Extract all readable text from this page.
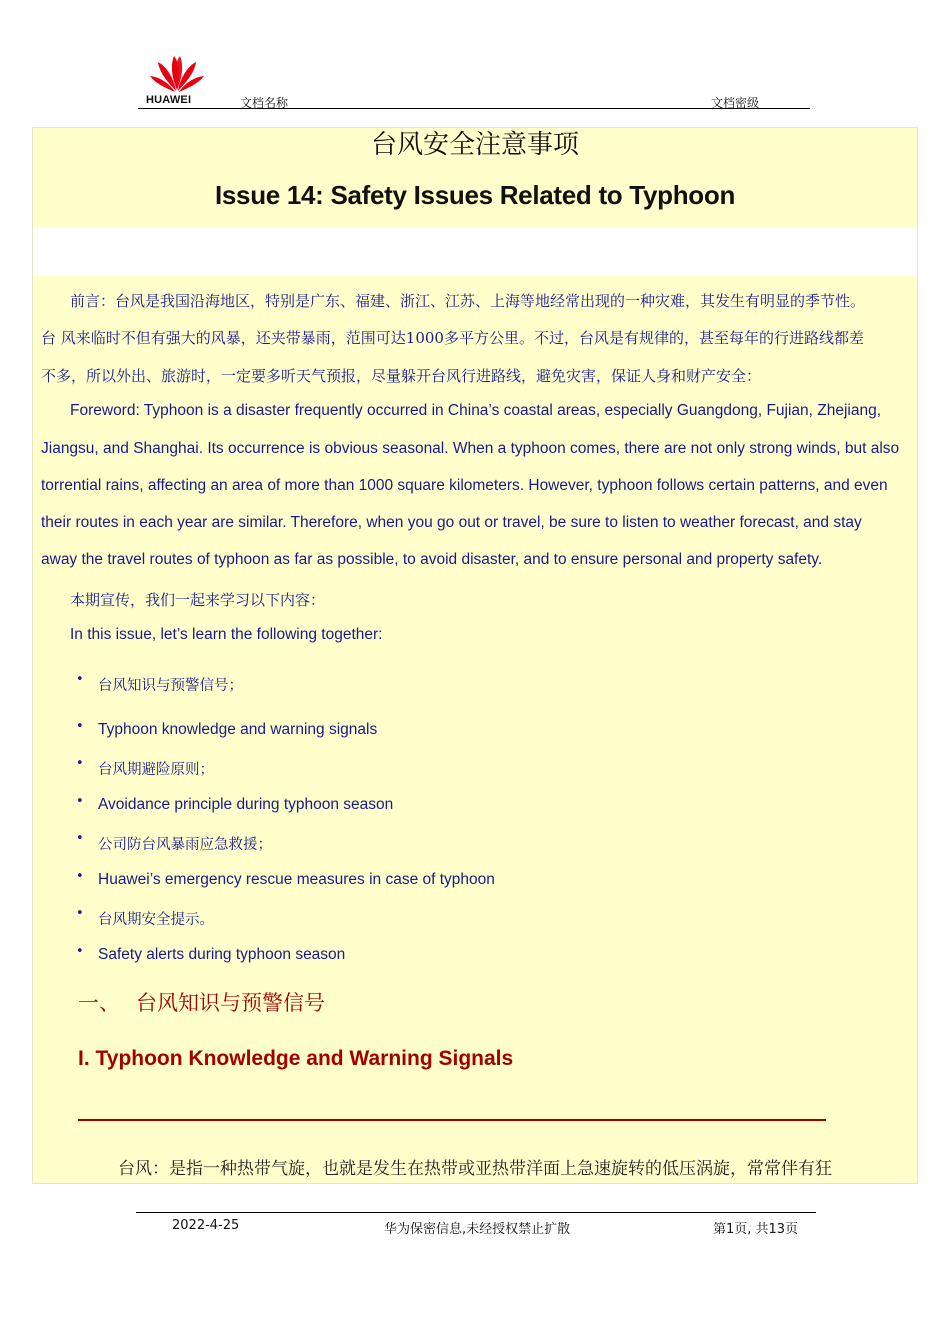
HUAWEI	文档名称	文档密级
台风安全注意事项
Issue 14: Safety Issues Related to Typhoon
前言：台风是我国沿海地区，特别是广东、福建、浙江、江苏、上海等地经常出现的一种灾难，其发生有明显的季节性。
台 风来临时不但有强大的风暴，还夹带暴雨，范围可达1000多平方公里。不过，台风是有规律的，甚至每年的行进路线都差
不多，所以外出、旅游时，一定要多听天气预报，尽量躲开台风行进路线，避免灾害，保证人身和财产安全：
Foreword: Typhoon is a disaster frequently occurred in China’s coastal areas, especially Guangdong, Fujian, Zhejiang,
Jiangsu, and Shanghai. Its occurrence is obvious seasonal. When a typhoon comes, there are not only strong winds, but also
torrential rains, affecting an area of more than 1000 square kilometers. However, typhoon follows certain patterns, and even
their routes in each year are similar. Therefore, when you go out or travel, be sure to listen to weather forecast, and stay
away the travel routes of typhoon as far as possible, to avoid disaster, and to ensure personal and property safety.
本期宣传，我们一起来学习以下内容：
In this issue, let’s learn the following together:
• 台风知识与预警信号；
• Typhoon knowledge and warning signals
• 台风期避险原则；
• Avoidance principle during typhoon season
• 公司防台风暴雨应急救援；
• Huawei’s emergency rescue measures in case of typhoon
• 台风期安全提示。
• Safety alerts during typhoon season
一、 台风知识与预警信号
I. Typhoon Knowledge and Warning Signals
台风：是指一种热带气旋，也就是发生在热带或亚热带洋面上急速旋转的低压涡旋，常常伴有狂
2022-4-25	华为保密信息,未经授权禁止扩散	第1页, 共13页
